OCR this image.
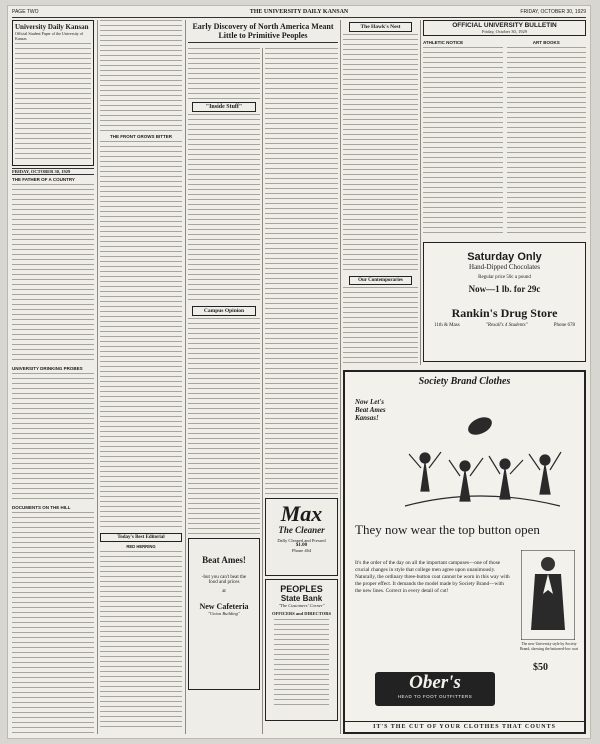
PAGE TWO	THE UNIVERSITY DAILY KANSAN	FRIDAY, OCTOBER 30, 1929
University Daily Kansan
Official Student Paper of the University of Kansas
FRIDAY, OCTOBER 30, 1929
THE FATHER OF A COUNTRY
UNIVERSITY DRINKING PROBES
DOCUMENTS ON THE HILL
THE FRONT GROWS BITTER
Today's Best Editorial
RED HERRING
Early Discovery of North America Meant Little to Primitive Peoples
"Inside Stuff"
Campus Opinion
Beat Ames!
-but you can't beat the food and prices
at
New Cafeteria
"Union Building"
Max
The Cleaner
Dally Cleaned and Pressed
$1.00
Phone 464
PEOPLES
State Bank
"The Customers' Corner"
OFFICERS and DIRECTORS
The Hawk's Nest
Our Contemporaries
OFFICIAL UNIVERSITY BULLETIN
Friday, October 30, 1929
ATHLETIC NOTICE	ART BOOKS
Saturday Only
Hand-Dipped Chocolates
Regular price 50c a pound
Now—1 lb. for 29c
Rankin's Drug Store
11th & Mass	"Rexall's 4 Students"	Phone 678
Society Brand Clothes
Now Let's
Beat Ames
Kansas!
They now wear the top button open
It's the order of the day on all the important campuses—one of those crucial changes in style that college men agree upon unanimously. Naturally, the ordinary three-button coat cannot be worn in this way with the proper effect. It demands the model made by Society Brand—with the new lines. Correct in every detail of cut!
The new University style by Society Brand, showing the buttoned-low coat
$50
Ober's
HEAD TO FOOT OUTFITTERS
IT'S THE CUT OF YOUR CLOTHES THAT COUNTS
